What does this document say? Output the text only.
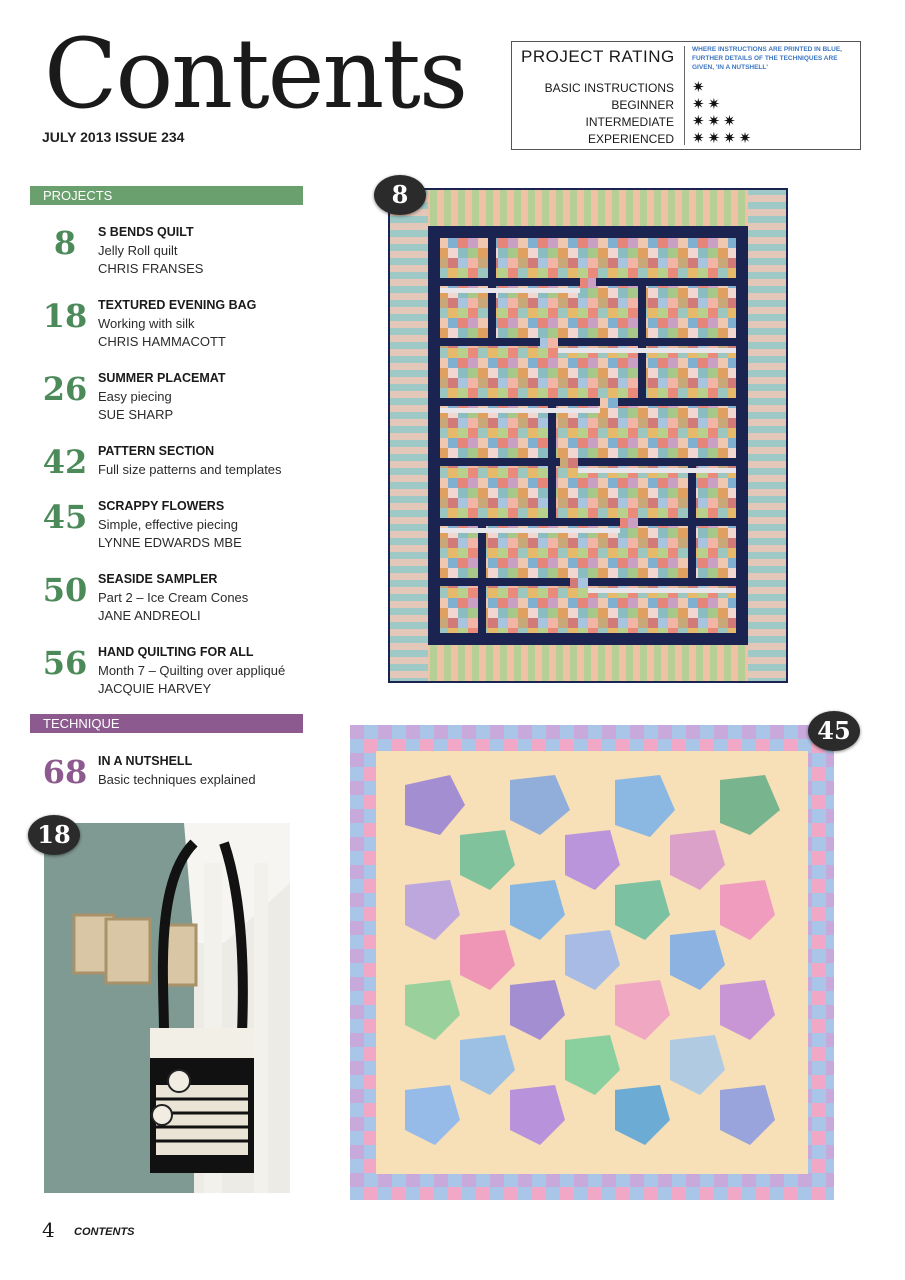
Contents
JULY 2013 ISSUE 234
PROJECT RATING	WHERE INSTRUCTIONS ARE PRINTED IN BLUE, FURTHER DETAILS OF THE TECHNIQUES ARE GIVEN, 'IN A NUTSHELL'
BASIC INSTRUCTIONS ✷
BEGINNER ✷✷
INTERMEDIATE ✷✷✷
EXPERIENCED ✷✷✷✷
PROJECTS
8	S BENDS QUILT
Jelly Roll quilt
CHRIS FRANSES
18 TEXTURED EVENING BAG
Working with silk
CHRIS HAMMACOTT
26 SUMMER PLACEMAT
Easy piecing
SUE SHARP
42 PATTERN SECTION
Full size patterns and templates
45 SCRAPPY FLOWERS
Simple, effective piecing
LYNNE EDWARDS MBE
50 SEASIDE SAMPLER
Part 2 – Ice Cream Cones
JANE ANDREOLI
56 HAND QUILTING FOR ALL
Month 7 – Quilting over appliqué
JACQUIE HARVEY
TECHNIQUE
68 IN A NUTSHELL
Basic techniques explained
8
45
18
4 CONTENTS
